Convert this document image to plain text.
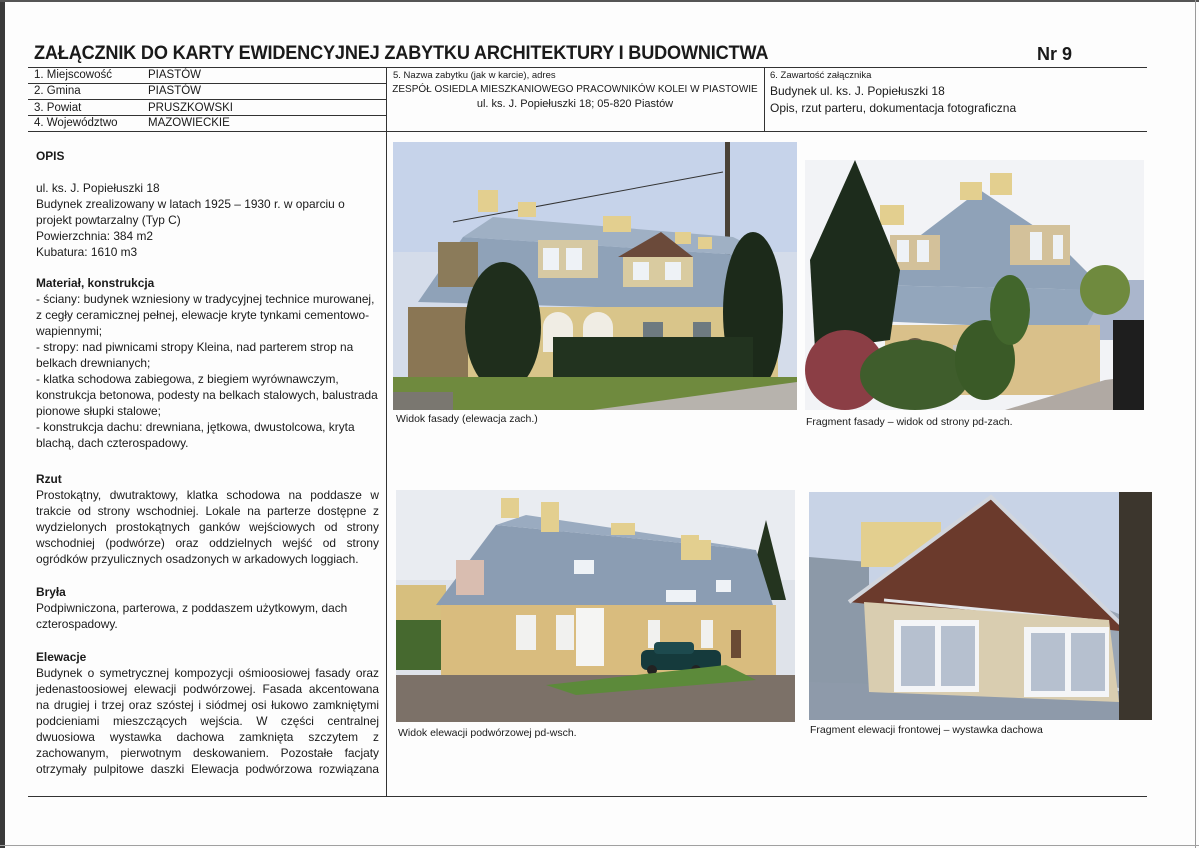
ZAŁĄCZNIK DO KARTY EWIDENCYJNEJ ZABYTKU ARCHITEKTURY I BUDOWNICTWA	Nr 9
1. Miejscowość	PIASTÓW
2. Gmina	PIASTÓW
3. Powiat	PRUSZKOWSKI
4. Województwo	MAZOWIECKIE
5. Nazwa zabytku (jak w karcie), adres
ZESPÓŁ OSIEDLA MIESZKANIOWEGO PRACOWNIKÓW KOLEI W PIASTOWIE
ul. ks. J. Popiełuszki 18; 05-820 Piastów
6. Zawartość załącznika
Budynek ul. ks. J. Popiełuszki 18
Opis, rzut parteru, dokumentacja fotograficzna

OPIS

ul. ks. J. Popiełuszki 18

Budynek zrealizowany w latach 1925 – 1930 r. w oparciu o projekt powtarzalny (Typ C)

Powierzchnia: 384 m2

Kubatura: 1610 m3

Materiał, konstrukcja

- ściany: budynek wzniesiony w tradycyjnej technice murowanej, z cegły ceramicznej pełnej, elewacje kryte tynkami cementowo-wapiennymi;

- stropy: nad piwnicami stropy Kleina, nad parterem strop na belkach drewnianych;

- klatka schodowa zabiegowa, z biegiem wyrównawczym, konstrukcja betonowa, podesty na belkach stalowych, balustrada pionowe słupki stalowe;

- konstrukcja dachu: drewniana, jętkowa, dwustolcowa, kryta blachą, dach czterospadowy.

Rzut

Prostokątny, dwutraktowy, klatka schodowa na poddasze w trakcie od strony wschodniej. Lokale na parterze dostępne z wydzielonych prostokątnych ganków wejściowych od strony wschodniej (podwórze) oraz oddzielnych wejść od strony ogródków przyulicznych osadzonych w arkadowych loggiach.

Bryła

Podpiwniczona, parterowa, z poddaszem użytkowym, dach czterospadowy.

Elewacje

Budynek o symetrycznej kompozycji ośmioosiowej fasady oraz jedenastoosiowej elewacji podwórzowej. Fasada akcentowana na drugiej i trzej oraz szóstej i siódmej osi łukowo zamkniętymi podcieniami mieszczących wejścia. W części centralnej dwuosiowa wystawka dachowa zamknięta szczytem z zachowanym, pierwotnym deskowaniem. Pozostałe facjaty otrzymały pulpitowe daszki Elewacja podwórzowa rozwiązana

Widok fasady (elewacja zach.)	Fragment fasady – widok od strony pd-zach.
Widok elewacji podwórzowej pd-wsch.	Fragment elewacji frontowej – wystawka dachowa
